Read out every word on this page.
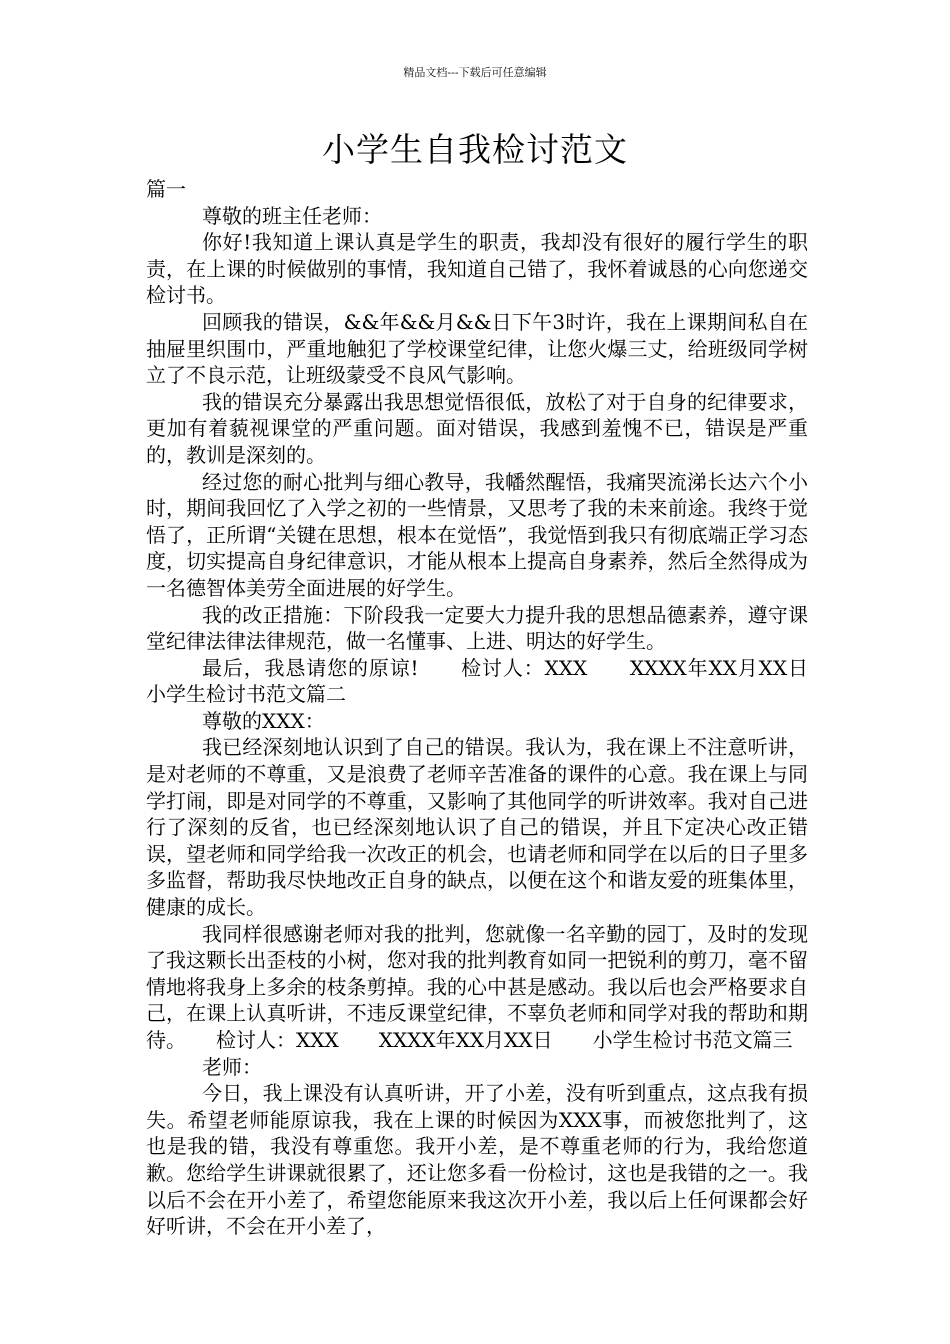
精品文档---下载后可任意编辑
小学生自我检讨范文

篇一

尊敬的班主任老师：

你好!我知道上课认真是学生的职责，我却没有很好的履行学生的职责，在上课的时候做别的事情，我知道自己错了，我怀着诚恳的心向您递交检讨书。

回顾我的错误，&&年&&月&&日下午3时许，我在上课期间私自在抽屉里织围巾，严重地触犯了学校课堂纪律，让您火爆三丈，给班级同学树立了不良示范，让班级蒙受不良风气影响。

我的错误充分暴露出我思想觉悟很低，放松了对于自身的纪律要求，更加有着藐视课堂的严重问题。面对错误，我感到羞愧不已，错误是严重的，教训是深刻的。

经过您的耐心批判与细心教导，我幡然醒悟，我痛哭流涕长达六个小时，期间我回忆了入学之初的一些情景，又思考了我的未来前途。我终于觉悟了，正所谓“关键在思想，根本在觉悟”，我觉悟到我只有彻底端正学习态度，切实提高自身纪律意识，才能从根本上提高自身素养，然后全然得成为一名德智体美劳全面进展的好学生。

我的改正措施：下阶段我一定要大力提升我的思想品德素养，遵守课堂纪律法律法律规范，做一名懂事、上进、明达的好学生。

最后，我恳请您的原谅!　　检讨人：XXX　　XXXX年XX月XX日　　小学生检讨书范文篇二

尊敬的XXX：

我已经深刻地认识到了自己的错误。我认为，我在课上不注意听讲，是对老师的不尊重，又是浪费了老师辛苦准备的课件的心意。我在课上与同学打闹，即是对同学的不尊重，又影响了其他同学的听讲效率。我对自己进行了深刻的反省，也已经深刻地认识了自己的错误，并且下定决心改正错误，望老师和同学给我一次改正的机会，也请老师和同学在以后的日子里多多监督，帮助我尽快地改正自身的缺点，以便在这个和谐友爱的班集体里，健康的成长。

我同样很感谢老师对我的批判，您就像一名辛勤的园丁，及时的发现了我这颗长出歪枝的小树，您对我的批判教育如同一把锐利的剪刀，毫不留情地将我身上多余的枝条剪掉。我的心中甚是感动。我以后也会严格要求自己，在课上认真听讲，不违反课堂纪律，不辜负老师和同学对我的帮助和期待。　　检讨人：XXX　　XXXX年XX月XX日　　小学生检讨书范文篇三

老师：

今日，我上课没有认真听讲，开了小差，没有听到重点，这点我有损失。希望老师能原谅我，我在上课的时候因为XXX事，而被您批判了，这也是我的错，我没有尊重您。我开小差，是不尊重老师的行为，我给您道歉。您给学生讲课就很累了，还让您多看一份检讨，这也是我错的之一。我以后不会在开小差了，希望您能原来我这次开小差，我以后上任何课都会好好听讲，不会在开小差了，
